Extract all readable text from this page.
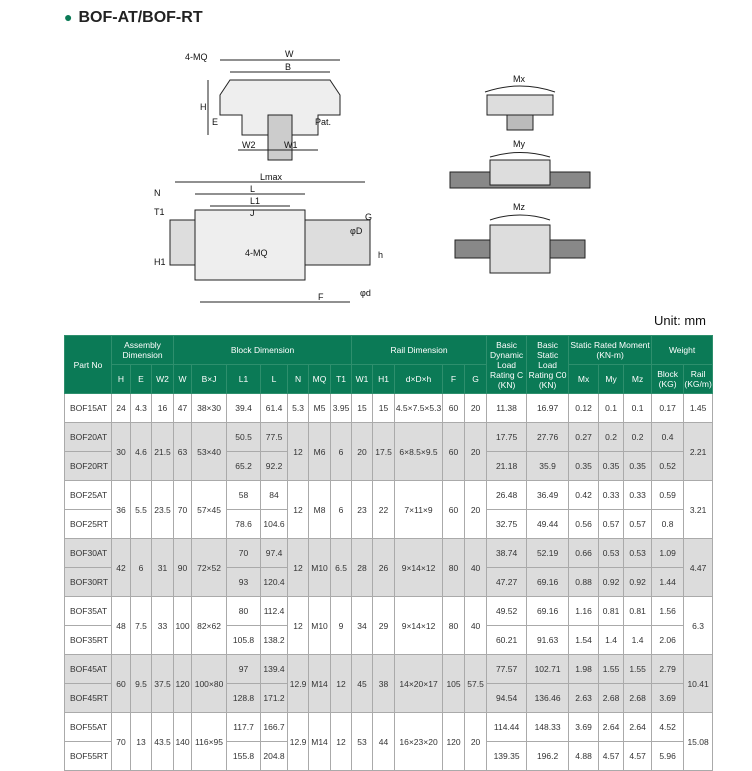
● BOF-AT/BOF-RT
4-MQ	W
B
H
E
W2	W1
Pat.
Lmax
L
L1
J
N
T1
H1
G
φD
h
F	φd
4-MQ
Mx
My
Mz
Unit: mm
Part No	Assembly Dimension			Block Dimension							Rail Dimension					Basic Dynamic Load Rating C (KN)	Basic Static Load Rating C0 (KN)	Static Rated Moment (KN-m)			Weight	
	H	E	W2	W	B×J	L1	L	N	MQ	T1	W1	H1	d×D×h	F	G			Mx	My	Mz	Block (KG)	Rail (KG/m)
BOF15AT	24	4.3	16	47	38×30	39.4	61.4	5.3	M5	3.95	15	15	4.5×7.5×5.3	60	20	11.38	16.97	0.12	0.1	0.1	0.17	1.45
BOF20AT	30	4.6	21.5	63	53×40	50.5	77.5	12	M6	6	20	17.5	6×8.5×9.5	60	20	17.75	27.76	0.27	0.2	0.2	0.4	2.21
BOF20RT						65.2	92.2									21.18	35.9	0.35	0.35	0.35	0.52	
BOF25AT	36	5.5	23.5	70	57×45	58	84	12	M8	6	23	22	7×11×9	60	20	26.48	36.49	0.42	0.33	0.33	0.59	3.21
BOF25RT						78.6	104.6									32.75	49.44	0.56	0.57	0.57	0.8	
BOF30AT	42	6	31	90	72×52	70	97.4	12	M10	6.5	28	26	9×14×12	80	40	38.74	52.19	0.66	0.53	0.53	1.09	4.47
BOF30RT						93	120.4									47.27	69.16	0.88	0.92	0.92	1.44	
BOF35AT	48	7.5	33	100	82×62	80	112.4	12	M10	9	34	29	9×14×12	80	40	49.52	69.16	1.16	0.81	0.81	1.56	6.3
BOF35RT						105.8	138.2									60.21	91.63	1.54	1.4	1.4	2.06	
BOF45AT	60	9.5	37.5	120	100×80	97	139.4	12.9	M14	12	45	38	14×20×17	105	57.5	77.57	102.71	1.98	1.55	1.55	2.79	10.41
BOF45RT						128.8	171.2									94.54	136.46	2.63	2.68	2.68	3.69	
BOF55AT	70	13	43.5	140	116×95	117.7	166.7	12.9	M14	12	53	44	16×23×20	120	20	114.44	148.33	3.69	2.64	2.64	4.52	15.08
BOF55RT						155.8	204.8									139.35	196.2	4.88	4.57	4.57	5.96	
